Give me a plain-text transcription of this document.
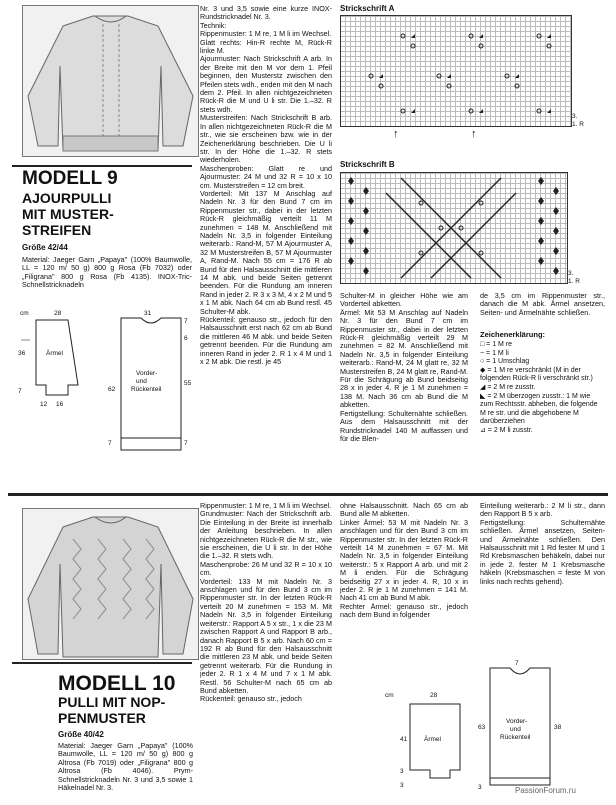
MODELL 9
AJOURPULLI
MIT MUSTER-
STREIFEN
Größe 42/44
Material: Jaeger Garn „Papaya" (100% Baumwolle, LL = 120 m/ 50 g) 800 g Rosa (Fb 7032) oder „Filigrana" 800 g Rosa (Fb 4135). INOX-Tric-Schnellstricknadeln
Nr. 3 und 3,5 sowie eine kurze INOX-Rundstricknadel Nr. 3.
Technik:
Rippenmuster: 1 M re, 1 M li im Wechsel.
Glatt rechts: Hin-R rechte M, Rück-R linke M.
Ajourmuster: Nach Strickschrift A arb. In der Breite mit den M vor dem 1. Pfeil beginnen, den Musterstz zwischen den Pfeilen stets wdh., enden mit den M nach dem 2. Pfeil. In allen nichtgezeichneten Rück-R die M und U li str. Die 1.–32. R stets wdh.
Musterstreifen: Nach Strickschrift B arb. In allen nichtgezeichneten Rück-R die M str., wie sie erscheinen bzw. wie in der Zeichenerklärung beschrieben. Die U li str. In der Höhe die 1.–32. R stets wiederholen.
Maschenproben: Glatt re und Ajourmuster: 24 M und 32 R = 10 x 10 cm. Musterstreifen = 12 cm breit.
Vorderteil: Mit 137 M Anschlag auf Nadeln Nr. 3 für den Bund 7 cm im Rippenmuster str., dabei in der letzten Rück-R gleichmäßig verteilt 11 M zunehmen = 148 M. Anschließend mit Nadeln Nr. 3,5 in folgender Einteilung weiterarb.: Rand-M, 57 M Ajourmuster A, 32 M Musterstreifen B, 57 M Ajourmuster A, Rand-M. Nach 55 cm = 176 R ab Bund für den Halsausschnitt die mittleren 14 M abk. und beide Seiten getrennt beenden. Für die Rundung am inneren Rand in jeder 2. R 3 x 3 M, 4 x 2 M und 5 x 1 M abk. Nach 64 cm ab Bund restl. 45 Schulter-M abk.
Rückenteil: genauso str., jedoch für den Halsausschnitt erst nach 62 cm ab Bund die mittleren 46 M abk. und beide Seiten getrennt beenden. Für die Rundung am inneren Rand in jeder 2. R 1 x 4 M und 1 x 2 M abk. Die restl. je 45
Schulter-M in gleicher Höhe wie am Vorderteil abketten.
Ärmel: Mit 53 M Anschlag auf Nadeln Nr. 3 für den Bund 7 cm im Rippenmuster str., dabei in der letzten Rück-R gleichmäßig verteilt 29 M zunehmen = 82 M. Anschließend mit Nadeln Nr. 3,5 in folgender Einteilung weiterarb.: Rand-M, 24 M glatt re, 32 M Musterstreifen B, 24 M glatt re, Rand-M. Für die Schrägung ab Bund beidseitig 28 x in jeder 4. R je 1 M zunehmen = 138 M. Nach 36 cm ab Bund die M abketten.
Fertigstellung: Schulternähte schließen. Aus dem Halsausschnitt mit der Rundstricknadel 140 M auffassen und für die Blen-
de 3,5 cm im Rippenmuster str., danach die M abk. Ärmel ansetzen, Seiten- und Ärmelnähte schließen.
Zeichenerklärung:
□ = 1 M re
− = 1 M li
○ = 1 Umschlag
◆ = 1 M re verschränkt (M in der folgenden Rück-R li verschränkt str.)
◢ = 2 M re zusstr.
◣ = 2 M überzogen zusstr.: 1 M wie zum Rechtsstr. abheben, die folgende M re str. und die abgehobene M darüberziehen
⊿ = 2 M li zusstr.
Strickschrift A
3.
1. R
↑	↑
Strickschrift B
3.
1. R
cm	28
36
7
12 16
Ärmel
62
31
7
7
6
55
7
Vorder-
und
Rückenteil
MODELL 10
PULLI MIT NOP-
PENMUSTER
Größe 40/42
Material: Jaeger Garn „Papaya" (100% Baumwolle, LL = 120 m/ 50 g) 800 g Altrosa (Fb 7019) oder „Filigrana" 800 g Altrosa (Fb 4046). Prym-Schnellstricknadeln Nr. 3 und 3,5 sowie 1 Häkelnadel Nr. 3.
Rippenmuster: 1 M re, 1 M li im Wechsel.
Grundmuster: Nach der Strickschrift arb. Die Einteilung in der Breite ist innerhalb der Anleitung beschrieben. In allen nichtgezeichneten Rück-R die M str., wie sie erscheinen, die U li str. In der Höhe die 1.–32. R stets wdh.
Maschenprobe: 26 M und 32 R = 10 x 10 cm.
Vorderteil: 133 M mit Nadeln Nr. 3 anschlagen und für den Bund 3 cm im Rippenmuster str. In der letzten Rück-R verteilt 20 M zunehmen = 153 M. Mit Nadeln Nr. 3,5 in folgender Einteilung weiterstr.: Rapport A 5 x str., 1 x die 23 M zwischen Rapport A und Rapport B arb., danach Rapport B 5 x arb. Nach 60 cm = 192 R ab Bund für den Halsausschnitt die mittleren 23 M abk. und beide Seiten getrennt weiterarb. Für die Rundung in jeder 2. R 1 x 4 M und 7 x 1 M abk. Restl. 56 Schulter-M nach 65 cm ab Bund abketten.
Rückenteil: genauso str., jedoch
ohne Halsausschnitt. Nach 65 cm ab Bund alle M abketten.
Linker Ärmel: 53 M mit Nadeln Nr. 3 anschlagen und für den Bund 3 cm im Rippenmuster str. In der letzten Rück-R verteilt 14 M zunehmen = 67 M. Mit Nadeln Nr. 3,5 in folgender Einteilung weiterstr.: 5 x Rapport A arb. und mit 2 M li enden. Für die Schrägung beidseitig 27 x in jeder 4. R, 10 x in jeder 2. R je 1 M zunehmen = 141 M. Nach 41 cm ab Bund M abk.
Rechter Ärmel: genauso str., jedoch nach dem Bund in folgender
Einteilung weiterarb.: 2 M li str., dann den Rapport B 5 x arb.
Fertigstellung: Schulternähte schließen. Ärmel ansetzen, Seiten- und Ärmelnähte schließen. Den Halsausschnitt mit 1 Rd fester M und 1 Rd Krebsmaschen behäkeln, dabei nur in jede 2. fester M 1 Krebsmasche häkeln (Krebsmaschen = feste M von links nach rechts gehend).
cm	28
41
3
3
Ärmel
7
63
3
38
Vorder-
und
Rückenteil
PassionForum.ru
